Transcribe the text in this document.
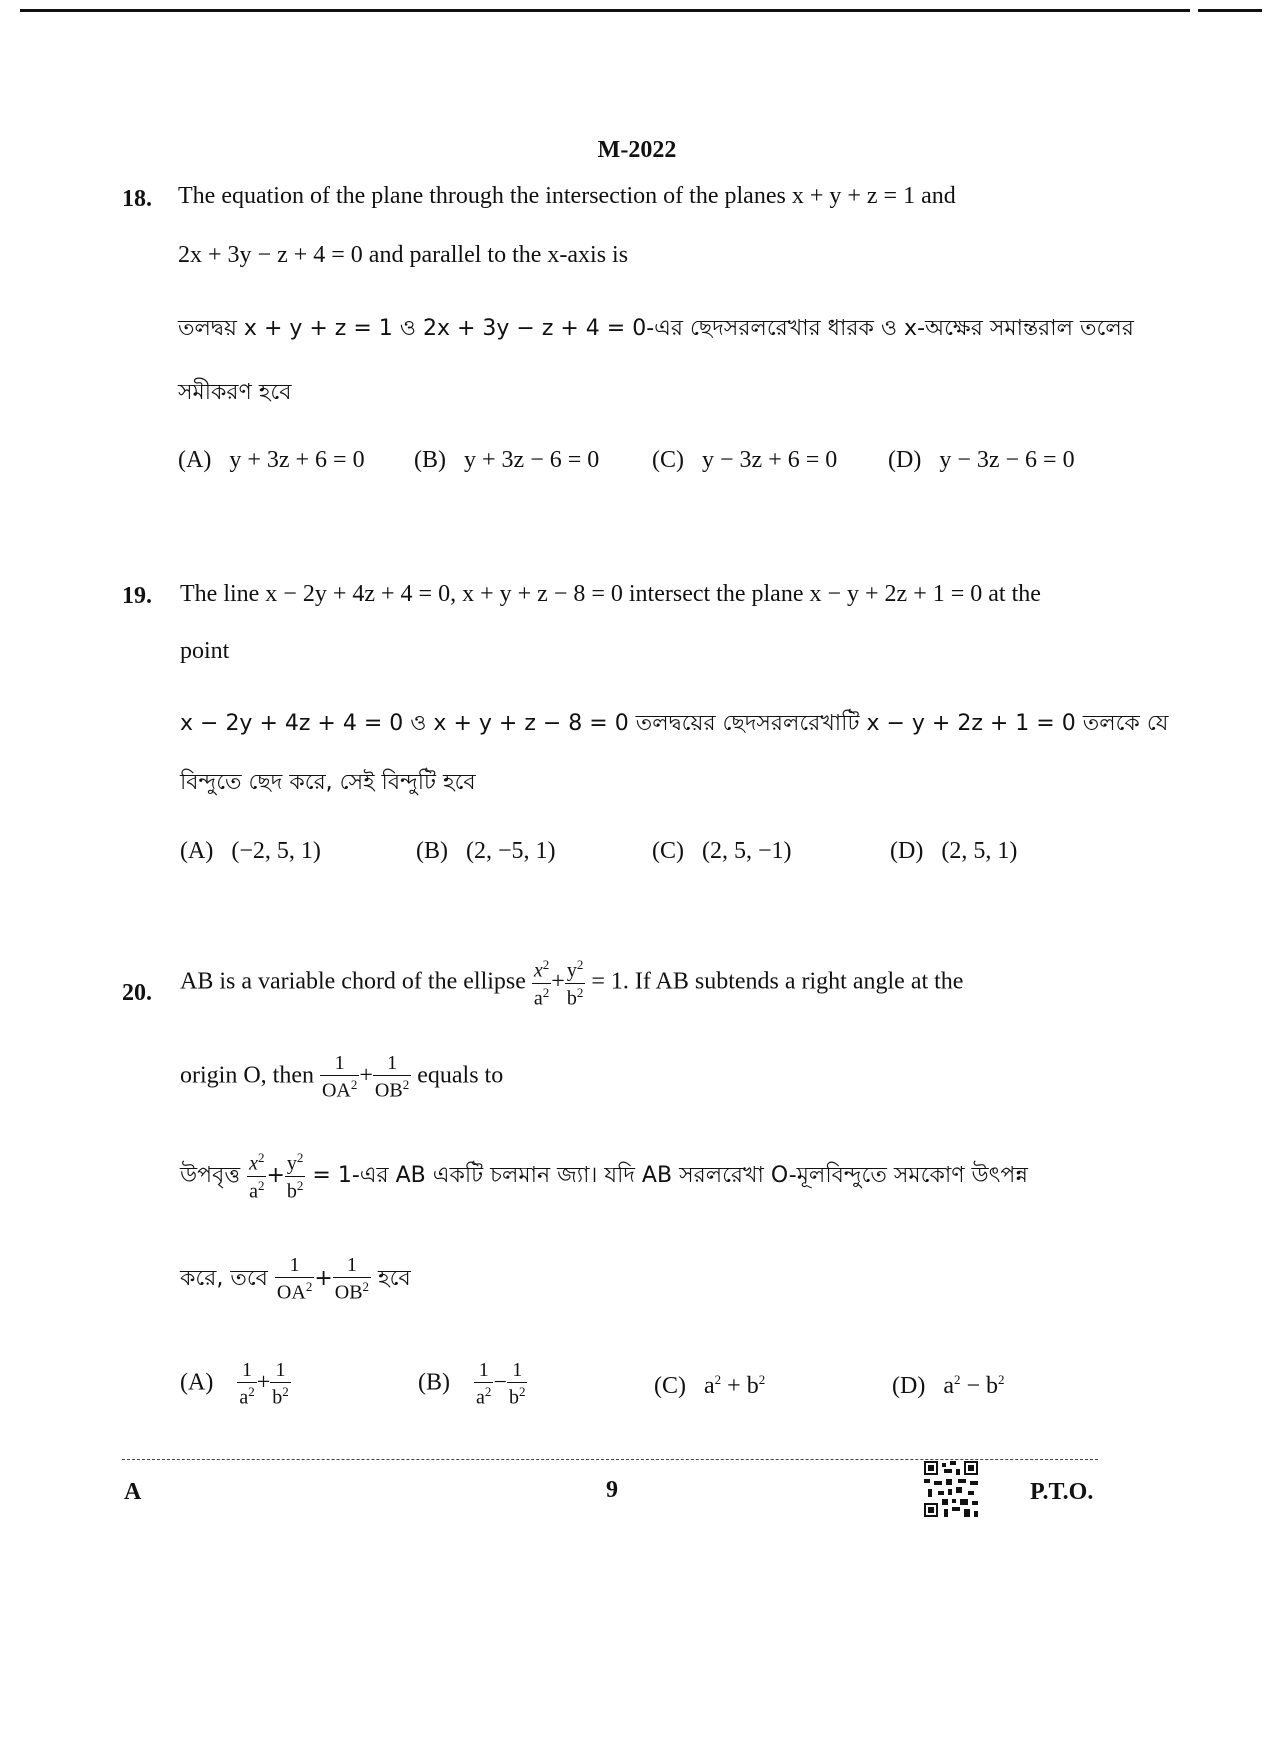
M-2022
18. The equation of the plane through the intersection of the planes x + y + z = 1 and
2x + 3y − z + 4 = 0 and parallel to the x-axis is
তলদ্বয় x + y + z = 1 ও 2x + 3y − z + 4 = 0-এর ছেদসরলরেখার ধারক ও x-অক্ষের সমান্তরাল তলের
সমীকরণ হবে
(A) y + 3z + 6 = 0 (B) y + 3z − 6 = 0 (C) y − 3z + 6 = 0 (D) y − 3z − 6 = 0
19. The line x − 2y + 4z + 4 = 0, x + y + z − 8 = 0 intersect the plane x − y + 2z + 1 = 0 at the
point
x − 2y + 4z + 4 = 0 ও x + y + z − 8 = 0 তলদ্বয়ের ছেদসরলরেখাটি x − y + 2z + 1 = 0 তলকে যে
বিন্দুতে ছেদ করে, সেই বিন্দুটি হবে
(A) (−2, 5, 1)	(B) (2, −5, 1)	(C) (2, 5, −1)	(D) (2, 5, 1)
20. AB is a variable chord of the ellipse $\frac{x^2}{a^2} + \frac{y^2}{b^2} = 1$. If AB subtends a right angle at the
origin O, then $\frac{1}{OA^2} + \frac{1}{OB^2}$ equals to
উপবৃত্ত $\frac{x^2}{a^2} + \frac{y^2}{b^2}$ = 1-এর AB একটি চলমান জ্যা। যদি AB সরলরেখা O-মূলবিন্দুতে সমকোণ উৎপন্ন
করে, তবে $\frac{1}{OA^2} + \frac{1}{OB^2}$ হবে
$(A) \frac{1}{a^2} + \frac{1}{b^2}$	$(B) \frac{1}{a^2} - \frac{1}{b^2}$	(C)   $a^2 + b^2$	(D)   $a^2 - b^2$
A	9	P.T.O.
